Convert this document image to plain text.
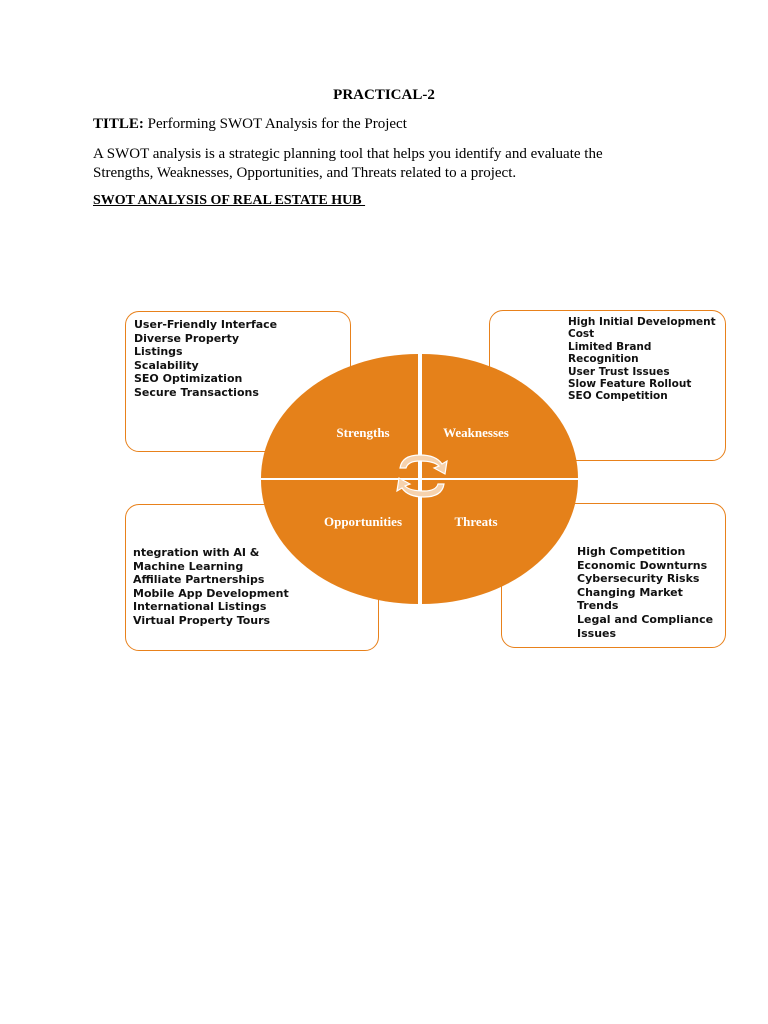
PRACTICAL-2
TITLE: Performing SWOT Analysis for the Project
A SWOT analysis is a strategic planning tool that helps you identify and evaluate the
Strengths, Weaknesses, Opportunities, and Threats related to a project.
SWOT ANALYSIS OF REAL ESTATE HUB
User-Friendly Interface
Diverse Property
Listings
Scalability
SEO Optimization
Secure Transactions
High Initial Development
Cost
Limited Brand Recognition
User Trust Issues
Slow Feature Rollout
SEO Competition
ntegration with AI &
Machine Learning
Affiliate Partnerships
Mobile App Development
International Listings
Virtual Property Tours
High Competition
Economic Downturns
Cybersecurity Risks
Changing Market
Trends
Legal and Compliance
Issues
Strengths	Weaknesses
Opportunities	Threats
